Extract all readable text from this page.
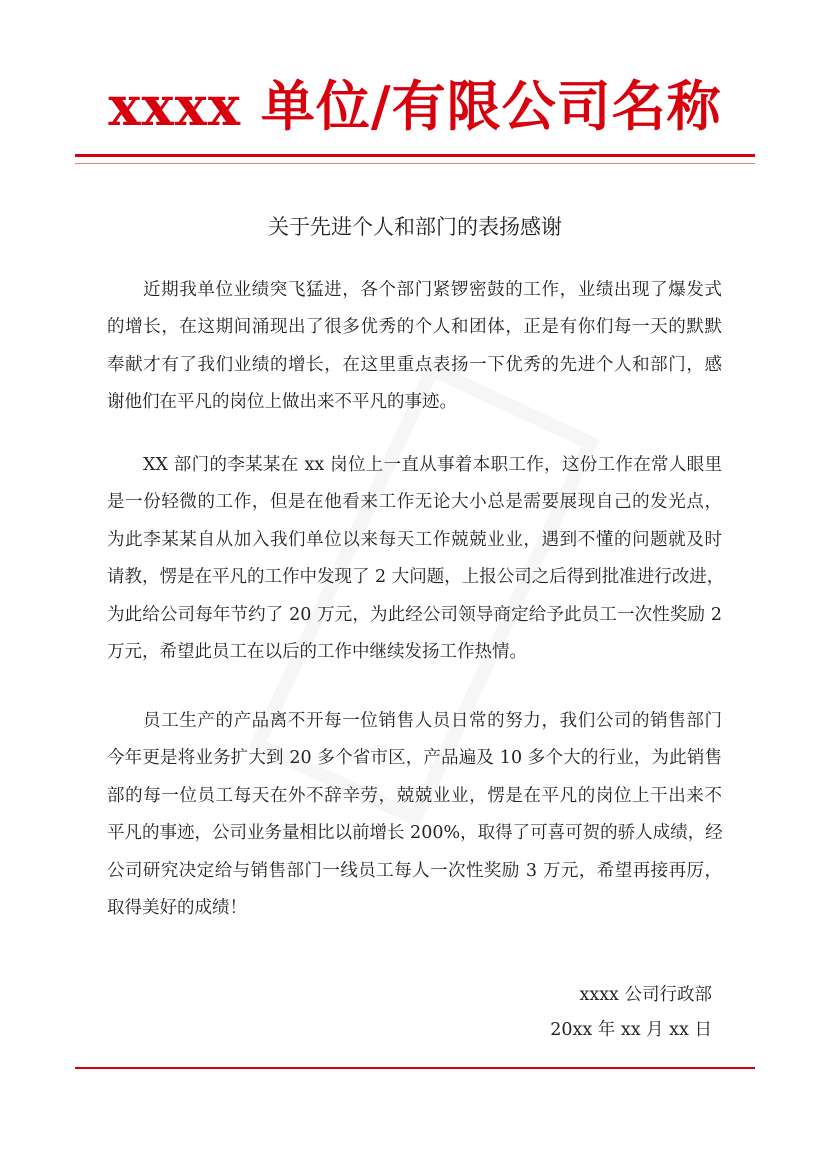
xxxx 单位/有限公司名称
关于先进个人和部门的表扬感谢
近期我单位业绩突飞猛进，各个部门紧锣密鼓的工作，业绩出现了爆发式
的增长，在这期间涌现出了很多优秀的个人和团体，正是有你们每一天的默默
奉献才有了我们业绩的增长，在这里重点表扬一下优秀的先进个人和部门，感
谢他们在平凡的岗位上做出来不平凡的事迹。
XX 部门的李某某在 xx 岗位上一直从事着本职工作，这份工作在常人眼里
是一份轻微的工作，但是在他看来工作无论大小总是需要展现自己的发光点，
为此李某某自从加入我们单位以来每天工作兢兢业业，遇到不懂的问题就及时
请教，愣是在平凡的工作中发现了 2 大问题，上报公司之后得到批准进行改进，
为此给公司每年节约了 20 万元，为此经公司领导商定给予此员工一次性奖励 2
万元，希望此员工在以后的工作中继续发扬工作热情。
员工生产的产品离不开每一位销售人员日常的努力，我们公司的销售部门
今年更是将业务扩大到 20 多个省市区，产品遍及 10 多个大的行业，为此销售
部的每一位员工每天在外不辞辛劳，兢兢业业，愣是在平凡的岗位上干出来不
平凡的事迹，公司业务量相比以前增长 200%，取得了可喜可贺的骄人成绩，经
公司研究决定给与销售部门一线员工每人一次性奖励 3 万元，希望再接再厉，
取得美好的成绩！
xxxx 公司行政部
20xx 年 xx 月 xx 日
